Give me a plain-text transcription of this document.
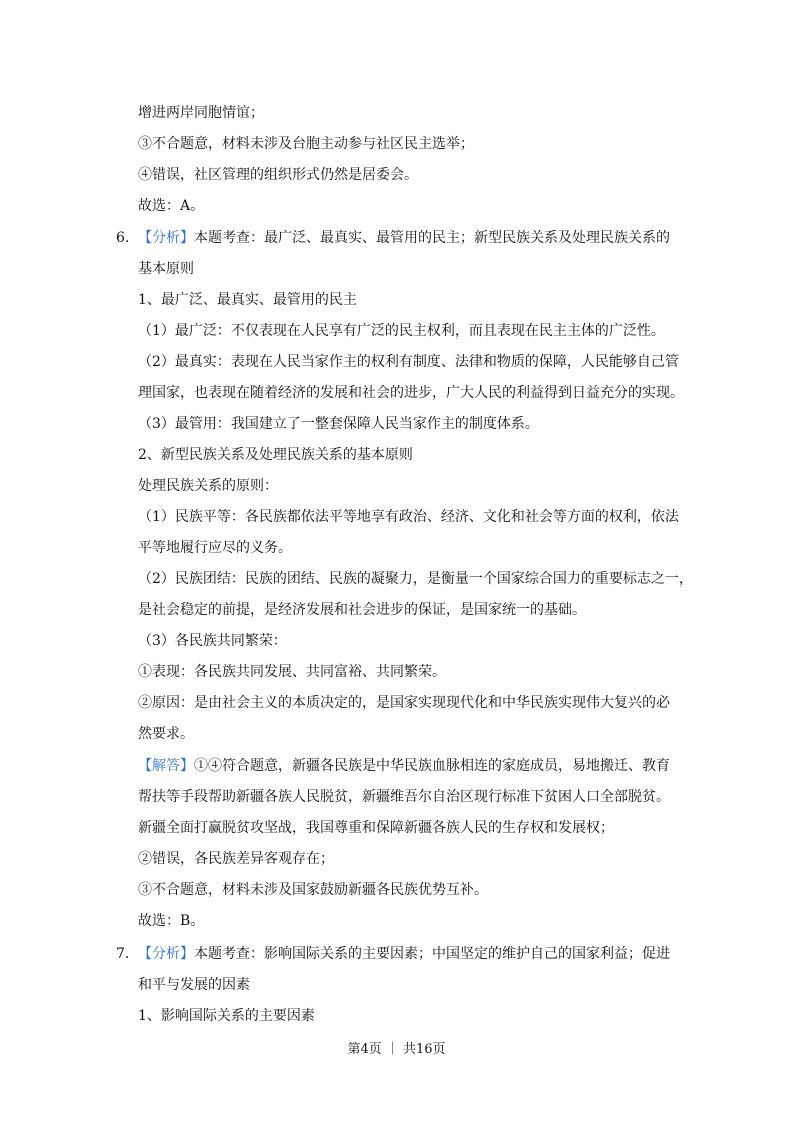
增进两岸同胞情谊；
③不合题意，材料未涉及台胞主动参与社区民主选举；
④错误，社区管理的组织形式仍然是居委会。
故选：A。
6. 【分析】本题考查：最广泛、最真实、最管用的民主；新型民族关系及处理民族关系的
基本原则
1、最广泛、最真实、最管用的民主
（1）最广泛：不仅表现在人民享有广泛的民主权利，而且表现在民主主体的广泛性。
（2）最真实：表现在人民当家作主的权利有制度、法律和物质的保障，人民能够自己管
理国家，也表现在随着经济的发展和社会的进步，广大人民的利益得到日益充分的实现。
（3）最管用：我国建立了一整套保障人民当家作主的制度体系。
2、新型民族关系及处理民族关系的基本原则
处理民族关系的原则：
（1）民族平等：各民族都依法平等地享有政治、经济、文化和社会等方面的权利，依法
平等地履行应尽的义务。
（2）民族团结：民族的团结、民族的凝聚力，是衡量一个国家综合国力的重要标志之一，
是社会稳定的前提，是经济发展和社会进步的保证，是国家统一的基础。
（3）各民族共同繁荣：
①表现：各民族共同发展、共同富裕、共同繁荣。
②原因：是由社会主义的本质决定的，是国家实现现代化和中华民族实现伟大复兴的必
然要求。
【解答】①④符合题意，新疆各民族是中华民族血脉相连的家庭成员，易地搬迁、教育
帮扶等手段帮助新疆各族人民脱贫，新疆维吾尔自治区现行标准下贫困人口全部脱贫。
新疆全面打赢脱贫攻坚战，我国尊重和保障新疆各族人民的生存权和发展权；
②错误，各民族差异客观存在；
③不合题意，材料未涉及国家鼓励新疆各民族优势互补。
故选：B。
7. 【分析】本题考查：影响国际关系的主要因素；中国坚定的维护自己的国家利益；促进
和平与发展的因素
1、影响国际关系的主要因素
第4页 ｜ 共16页
